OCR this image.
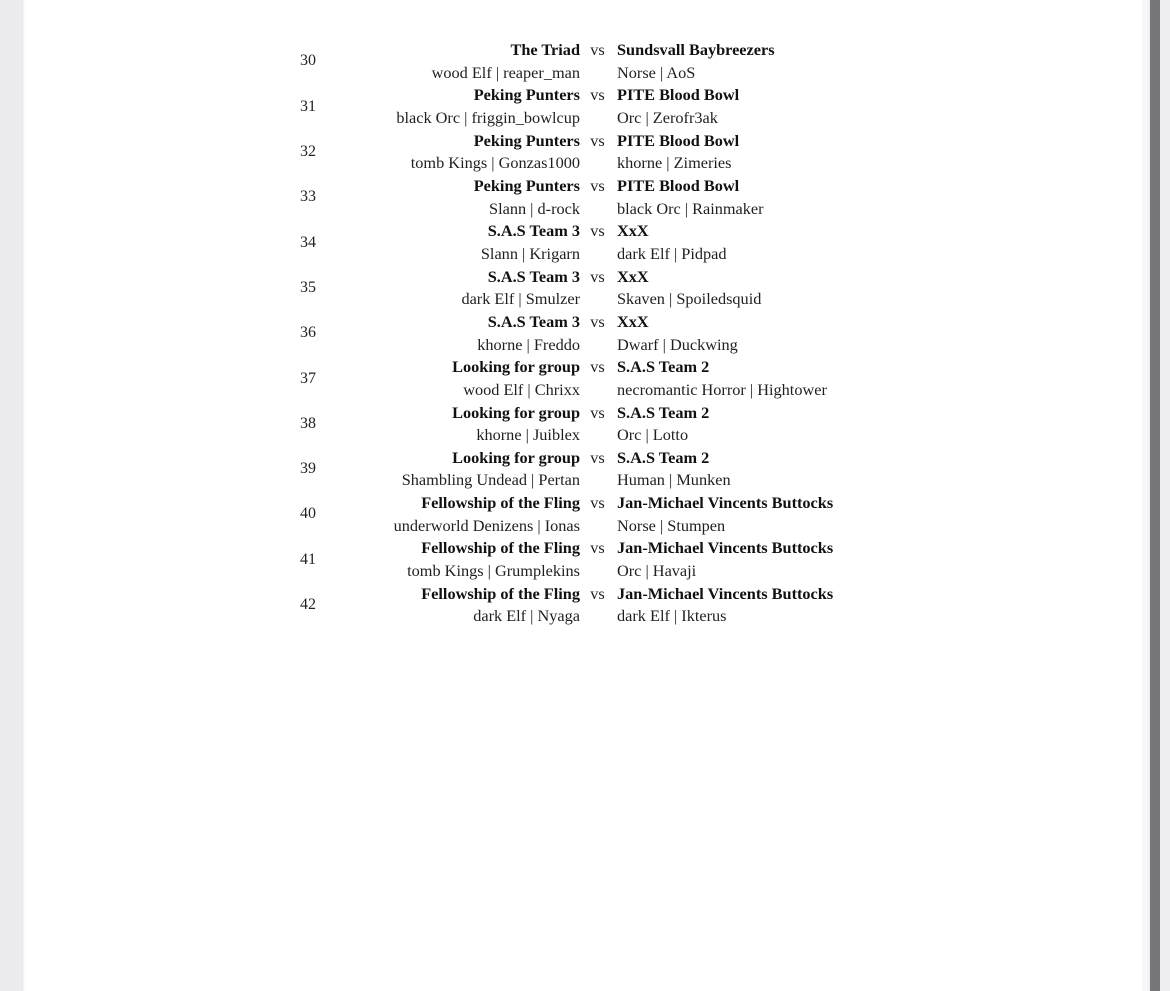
30
The Triad
wood Elf | reaper_man
vs Sundsvall Baybreezers
Norse | AoS
31
Peking Punters
black Orc | friggin_bowlcup
vs PITE Blood Bowl
Orc | Zerofr3ak
32
Peking Punters
tomb Kings | Gonzas1000
vs PITE Blood Bowl
khorne | Zimeries
33
Peking Punters
Slann | d-rock
vs PITE Blood Bowl
black Orc | Rainmaker
34
S.A.S Team 3
Slann | Krigarn
vs XxX
dark Elf | Pidpad
35
S.A.S Team 3
dark Elf | Smulzer
vs XxX
Skaven | Spoiledsquid
36
S.A.S Team 3
khorne | Freddo
vs XxX
Dwarf | Duckwing
37
Looking for group
wood Elf | Chrixx
vs S.A.S Team 2
necromantic Horror | Hightower
38
Looking for group
khorne | Juiblex
vs S.A.S Team 2
Orc | Lotto
39
Looking for group
Shambling Undead | Pertan
vs S.A.S Team 2
Human | Munken
40
Fellowship of the Fling
underworld Denizens | Ionas
vs Jan-Michael Vincents Buttocks
Norse | Stumpen
41
Fellowship of the Fling
tomb Kings | Grumplekins
vs Jan-Michael Vincents Buttocks
Orc | Havaji
42
Fellowship of the Fling
dark Elf | Nyaga
vs Jan-Michael Vincents Buttocks
dark Elf | Ikterus
